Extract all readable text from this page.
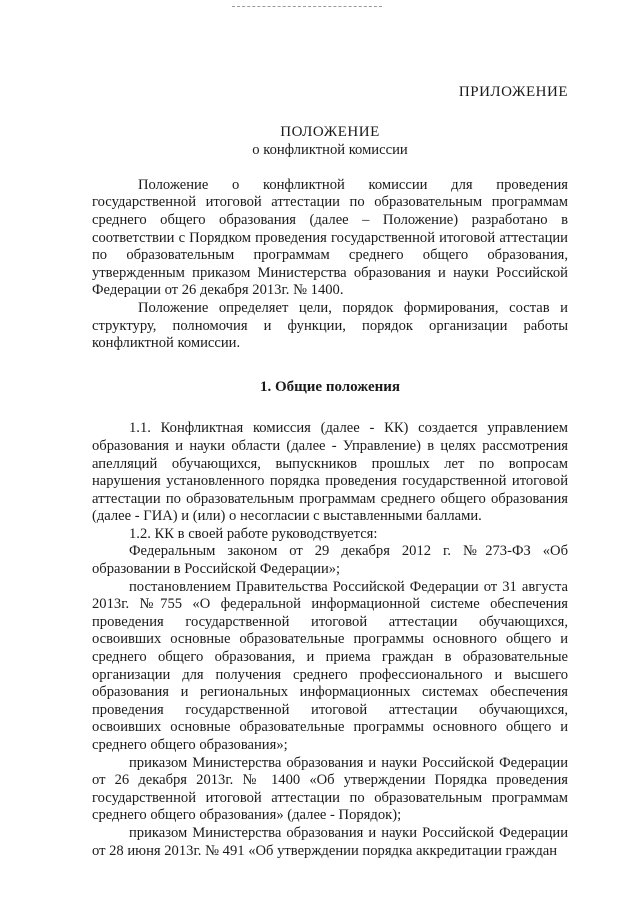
ПРИЛОЖЕНИЕ
ПОЛОЖЕНИЕ
о конфликтной комиссии

Положение о конфликтной комиссии для проведения государственной итоговой аттестации по образовательным программам среднего общего образования (далее – Положение) разработано в соответствии с Порядком проведения государственной итоговой аттестации по образовательным программам среднего общего образования, утвержденным приказом Министерства образования и науки Российской Федерации от 26 декабря 2013г. № 1400.

Положение определяет цели, порядок формирования, состав и структуру, полномочия и функции, порядок организации работы конфликтной комиссии.

1. Общие положения

1.1. Конфликтная комиссия (далее - КК) создается управлением образования и науки области (далее - Управление) в целях рассмотрения апелляций обучающихся, выпускников прошлых лет по вопросам нарушения установленного порядка проведения государственной итоговой аттестации по образовательным программам среднего общего образования (далее - ГИА) и (или) о несогласии с выставленными баллами.

1.2. КК в своей работе руководствуется:

Федеральным законом от 29 декабря 2012 г. №273-ФЗ «Об образовании в Российской Федерации»;

постановлением Правительства Российской Федерации от 31 августа 2013г. №755 «О федеральной информационной системе обеспечения проведения государственной итоговой аттестации обучающихся, освоивших основные образовательные программы основного общего и среднего общего образования, и приема граждан в образовательные организации для получения среднего профессионального и высшего образования и региональных информационных системах обеспечения проведения государственной итоговой аттестации обучающихся, освоивших основные образовательные программы основного общего и среднего общего образования»;

приказом Министерства образования и науки Российской Федерации от 26 декабря 2013г. № 1400 «Об утверждении Порядка проведения государственной итоговой аттестации по образовательным программам среднего общего образования» (далее - Порядок);

приказом Министерства образования и науки Российской Федерации от 28 июня 2013г. № 491 «Об утверждении порядка аккредитации граждан
